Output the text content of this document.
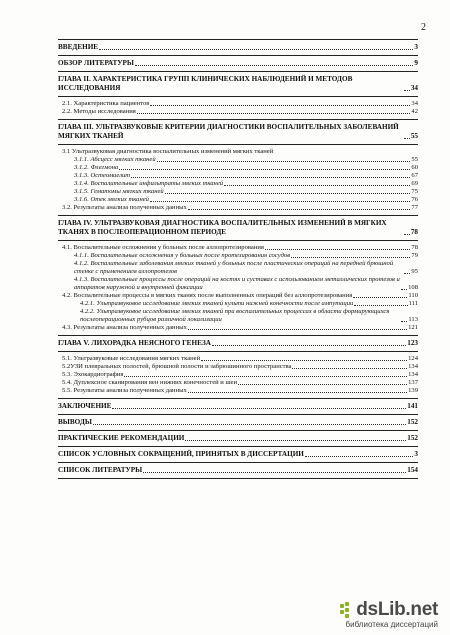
2
ВВЕДЕНИЕ	3
ОБЗОР ЛИТЕРАТУРЫ	9
ГЛАВА II. ХАРАКТЕРИСТИКА ГРУПП КЛИНИЧЕСКИХ НАБЛЮДЕНИЙ И МЕТОДОВ ИССЛЕДОВАНИЯ	34
2.1. Характеристика пациентов	34
2.2. Методы исследования	42
ГЛАВА III. УЛЬТРАЗВУКОВЫЕ КРИТЕРИИ ДИАГНОСТИКИ ВОСПАЛИТЕЛЬНЫХ ЗАБОЛЕВАНИЙ МЯГКИХ ТКАНЕЙ	55
3.1 Ультразвуковая диагностика воспалительных изменений мягких тканей
3.1.1. Абсцесс мягких тканей	55
3.1.2. Флегмона	60
3.1.3. Остеомиелит	67
3.1.4. Воспалительные инфильтраты мягких тканей	69
3.1.5. Гематомы мягких тканей	75
3.1.6. Отек мягких тканей	76
3.2. Результаты анализа полученных данных	77
ГЛАВА IV. УЛЬТРАЗВУКОВАЯ ДИАГНОСТИКА ВОСПАЛИТЕЛЬНЫХ ИЗМЕНЕНИЙ В МЯГКИХ ТКАНЯХ В ПОСЛЕОПЕРАЦИОННОМ ПЕРИОДЕ	78
4.1. Воспалительные осложнения у больных после аллопротезирования	78
4.1.1. Воспалительные осложнения у больных после протезирования сосудов	79
4.1.2. Воспалительные заболевания мягких тканей у больных после пластических операций на передней брюшной стенке с применением аллопротезов	95
4.1.3. Воспалительные процессы после операций на костях и суставах с использованием металлических протезов и аппаратов наружной и внутренней фиксации	108
4.2. Воспалительные процессы в мягких тканях после выполненных операций без аллопротезирования	110
4.2.1. Ультразвуковое исследование мягких тканей культи нижней конечности после ампутации	111
4.2.2. Ультразвуковое исследование мягких тканей при воспалительных процессах в области формирующихся послеоперационных рубцов различной локализации	113
4.3. Результаты анализа полученных данных	121
ГЛАВА V. ЛИХОРАДКА НЕЯСНОГО ГЕНЕЗА	123
5.1. Ультразвуковые исследования мягких тканей	124
5.2УЗИ плевральных полостей, брюшной полости и забрюшинного пространства	134
5.3. Эхокардиография	134
5.4. Дуплексное сканирования вен нижних конечностей и шеи	137
5.5. Результаты анализа полученных данных	139
ЗАКЛЮЧЕНИЕ	141
ВЫВОДЫ	152
ПРАКТИЧЕСКИЕ РЕКОМЕНДАЦИИ	152
СПИСОК УСЛОВНЫХ СОКРАЩЕНИЙ, ПРИНЯТЫХ В ДИССЕРТАЦИИ	3
СПИСОК ЛИТЕРАТУРЫ	154
dsLib.net
библиотека диссертаций
